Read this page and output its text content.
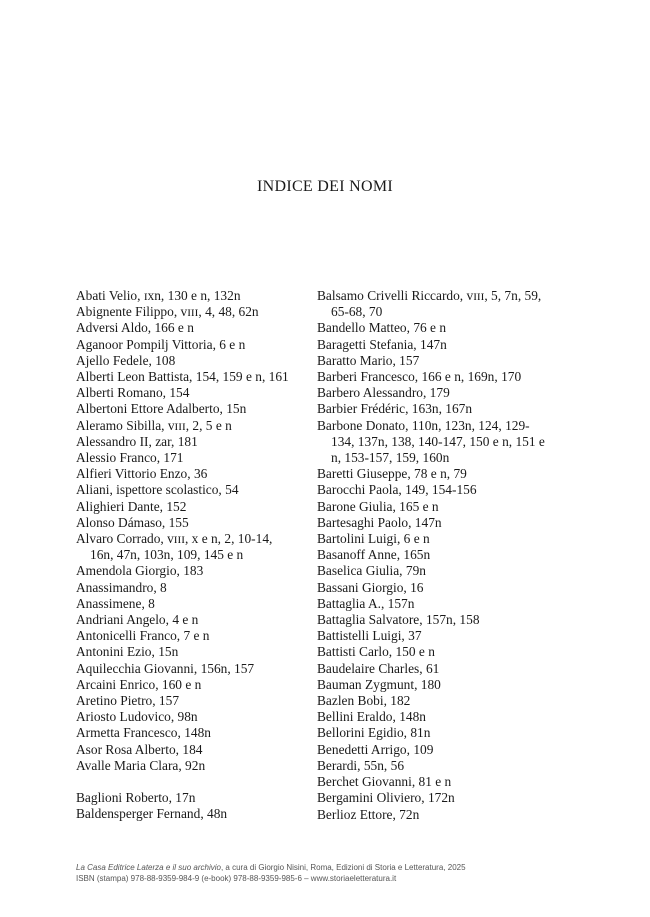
INDICE DEI NOMI
Abati Velio, ɪxn, 130 e n, 132n
Abignente Filippo, ᴠɪɪɪ, 4, 48, 62n
Adversi Aldo, 166 e n
Aganoor Pompilj Vittoria, 6 e n
Ajello Fedele, 108
Alberti Leon Battista, 154, 159 e n, 161
Alberti Romano, 154
Albertoni Ettore Adalberto, 15n
Aleramo Sibilla, ᴠɪɪɪ, 2, 5 e n
Alessandro II, zar, 181
Alessio Franco, 171
Alfieri Vittorio Enzo, 36
Aliani, ispettore scolastico, 54
Alighieri Dante, 152
Alonso Dámaso, 155
Alvaro Corrado, ᴠɪɪɪ, x e n, 2, 10-14, 16n, 47n, 103n, 109, 145 e n
Amendola Giorgio, 183
Anassimandro, 8
Anassimene, 8
Andriani Angelo, 4 e n
Antonicelli Franco, 7 e n
Antonini Ezio, 15n
Aquilecchia Giovanni, 156n, 157
Arcaini Enrico, 160 e n
Aretino Pietro, 157
Ariosto Ludovico, 98n
Armetta Francesco, 148n
Asor Rosa Alberto, 184
Avalle Maria Clara, 92n
Baglioni Roberto, 17n
Baldensperger Fernand, 48n
Balsamo Crivelli Riccardo, ᴠɪɪɪ, 5, 7n, 59, 65-68, 70
Bandello Matteo, 76 e n
Baragetti Stefania, 147n
Baratto Mario, 157
Barberi Francesco, 166 e n, 169n, 170
Barbero Alessandro, 179
Barbier Frédéric, 163n, 167n
Barbone Donato, 110n, 123n, 124, 129-134, 137n, 138, 140-147, 150 e n, 151 e n, 153-157, 159, 160n
Baretti Giuseppe, 78 e n, 79
Barocchi Paola, 149, 154-156
Barone Giulia, 165 e n
Bartesaghi Paolo, 147n
Bartolini Luigi, 6 e n
Basanoff Anne, 165n
Baselica Giulia, 79n
Bassani Giorgio, 16
Battaglia A., 157n
Battaglia Salvatore, 157n, 158
Battistelli Luigi, 37
Battisti Carlo, 150 e n
Baudelaire Charles, 61
Bauman Zygmunt, 180
Bazlen Bobi, 182
Bellini Eraldo, 148n
Bellorini Egidio, 81n
Benedetti Arrigo, 109
Berardi, 55n, 56
Berchet Giovanni, 81 e n
Bergamini Oliviero, 172n
Berlioz Ettore, 72n
La Casa Editrice Laterza e il suo archivio, a cura di Giorgio Nisini, Roma, Edizioni di Storia e Letteratura, 2025
ISBN (stampa) 978-88-9359-984-9 (e-book) 978-88-9359-985-6 – www.storiaeletteratura.it
